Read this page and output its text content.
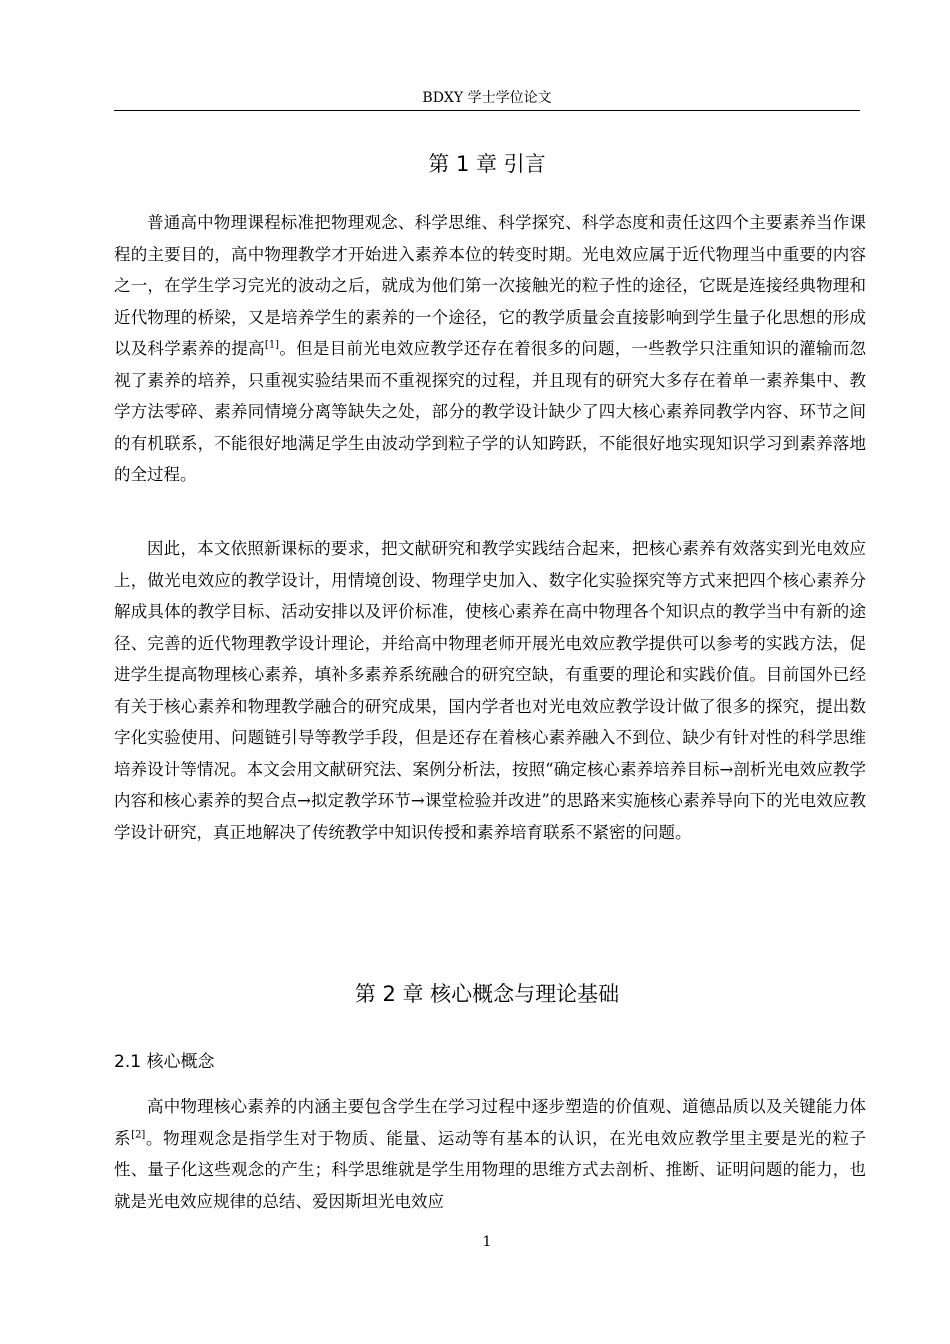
BDXY 学士学位论文
第 1 章 引言

普通高中物理课程标准把物理观念、科学思维、科学探究、科学态度和责任这四个主要素养当作课程的主要目的，高中物理教学才开始进入素养本位的转变时期。光电效应属于近代物理当中重要的内容之一，在学生学习完光的波动之后，就成为他们第一次接触光的粒子性的途径，它既是连接经典物理和近代物理的桥梁，又是培养学生的素养的一个途径，它的教学质量会直接影响到学生量子化思想的形成以及科学素养的提高[1]。但是目前光电效应教学还存在着很多的问题，一些教学只注重知识的灌输而忽视了素养的培养，只重视实验结果而不重视探究的过程，并且现有的研究大多存在着单一素养集中、教学方法零碎、素养同情境分离等缺失之处，部分的教学设计缺少了四大核心素养同教学内容、环节之间的有机联系，不能很好地满足学生由波动学到粒子学的认知跨跃，不能很好地实现知识学习到素养落地的全过程。

因此，本文依照新课标的要求，把文献研究和教学实践结合起来，把核心素养有效落实到光电效应上，做光电效应的教学设计，用情境创设、物理学史加入、数字化实验探究等方式来把四个核心素养分解成具体的教学目标、活动安排以及评价标准，使核心素养在高中物理各个知识点的教学当中有新的途径、完善的近代物理教学设计理论，并给高中物理老师开展光电效应教学提供可以参考的实践方法，促进学生提高物理核心素养，填补多素养系统融合的研究空缺，有重要的理论和实践价值。目前国外已经有关于核心素养和物理教学融合的研究成果，国内学者也对光电效应教学设计做了很多的探究，提出数字化实验使用、问题链引导等教学手段，但是还存在着核心素养融入不到位、缺少有针对性的科学思维培养设计等情况。本文会用文献研究法、案例分析法，按照“确定核心素养培养目标→剖析光电效应教学内容和核心素养的契合点→拟定教学环节→课堂检验并改进”的思路来实施核心素养导向下的光电效应教学设计研究，真正地解决了传统教学中知识传授和素养培育联系不紧密的问题。

第 2 章 核心概念与理论基础
2.1 核心概念

高中物理核心素养的内涵主要包含学生在学习过程中逐步塑造的价值观、道德品质以及关键能力体系[2]。物理观念是指学生对于物质、能量、运动等有基本的认识，在光电效应教学里主要是光的粒子性、量子化这些观念的产生；科学思维就是学生用物理的思维方式去剖析、推断、证明问题的能力，也就是光电效应规律的总结、爱因斯坦光电效应

1
